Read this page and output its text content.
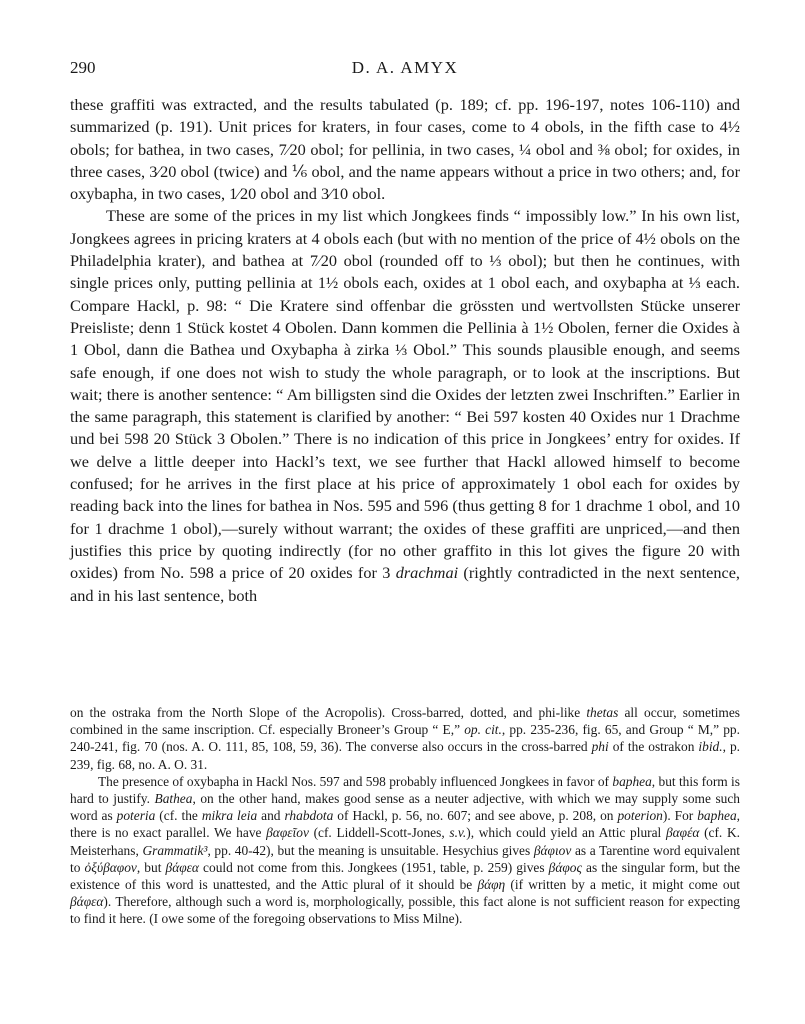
290	D. A. AMYX

these graffiti was extracted, and the results tabulated (p. 189; cf. pp. 196-197, notes 106-110) and summarized (p. 191). Unit prices for kraters, in four cases, come to 4 obols, in the fifth case to 4½ obols; for bathea, in two cases, 7⁄20 obol; for pellinia, in two cases, ¼ obol and ⅜ obol; for oxides, in three cases, 3⁄20 obol (twice) and ⅙ obol, and the name appears without a price in two others; and, for oxybapha, in two cases, 1⁄20 obol and 3⁄10 obol.

These are some of the prices in my list which Jongkees finds “ impossibly low.” In his own list, Jongkees agrees in pricing kraters at 4 obols each (but with no mention of the price of 4½ obols on the Philadelphia krater), and bathea at 7⁄20 obol (rounded off to ⅓ obol); but then he continues, with single prices only, putting pellinia at 1½ obols each, oxides at 1 obol each, and oxybapha at ⅓ each. Compare Hackl, p. 98: “ Die Kratere sind offenbar die grössten und wertvollsten Stücke unserer Preisliste; denn 1 Stück kostet 4 Obolen. Dann kommen die Pellinia à 1½ Obolen, ferner die Oxides à 1 Obol, dann die Bathea und Oxybapha à zirka ⅓ Obol.” This sounds plausible enough, and seems safe enough, if one does not wish to study the whole paragraph, or to look at the inscriptions. But wait; there is another sentence: “ Am billigsten sind die Oxides der letzten zwei Inschriften.” Earlier in the same paragraph, this statement is clarified by another: “ Bei 597 kosten 40 Oxides nur 1 Drachme und bei 598 20 Stück 3 Obolen.” There is no indication of this price in Jongkees’ entry for oxides. If we delve a little deeper into Hackl’s text, we see further that Hackl allowed himself to become confused; for he arrives in the first place at his price of approximately 1 obol each for oxides by reading back into the lines for bathea in Nos. 595 and 596 (thus getting 8 for 1 drachme 1 obol, and 10 for 1 drachme 1 obol),—surely without warrant; the oxides of these graffiti are unpriced,—and then justifies this price by quoting indirectly (for no other graffito in this lot gives the figure 20 with oxides) from No. 598 a price of 20 oxides for 3 drachmai (rightly contradicted in the next sentence, and in his last sentence, both

on the ostraka from the North Slope of the Acropolis). Cross-barred, dotted, and phi-like thetas all occur, sometimes combined in the same inscription. Cf. especially Broneer’s Group “ E,” op. cit., pp. 235-236, fig. 65, and Group “ M,” pp. 240-241, fig. 70 (nos. A. O. 111, 85, 108, 59, 36). The converse also occurs in the cross-barred phi of the ostrakon ibid., p. 239, fig. 68, no. A. O. 31.

The presence of oxybapha in Hackl Nos. 597 and 598 probably influenced Jongkees in favor of baphea, but this form is hard to justify. Bathea, on the other hand, makes good sense as a neuter adjective, with which we may supply some such word as poteria (cf. the mikra leia and rhabdota of Hackl, p. 56, no. 607; and see above, p. 208, on poterion). For baphea, there is no exact parallel. We have βαφεῖον (cf. Liddell-Scott-Jones, s.v.), which could yield an Attic plural βαφέα (cf. K. Meisterhans, Grammatik³, pp. 40-42), but the meaning is unsuitable. Hesychius gives βάφιον as a Tarentine word equivalent to ὀξύβαφον, but βάφεα could not come from this. Jongkees (1951, table, p. 259) gives βάφος as the singular form, but the existence of this word is unattested, and the Attic plural of it should be βάφη (if written by a metic, it might come out βάφεα). Therefore, although such a word is, morphologically, possible, this fact alone is not sufficient reason for expecting to find it here. (I owe some of the foregoing observations to Miss Milne).
